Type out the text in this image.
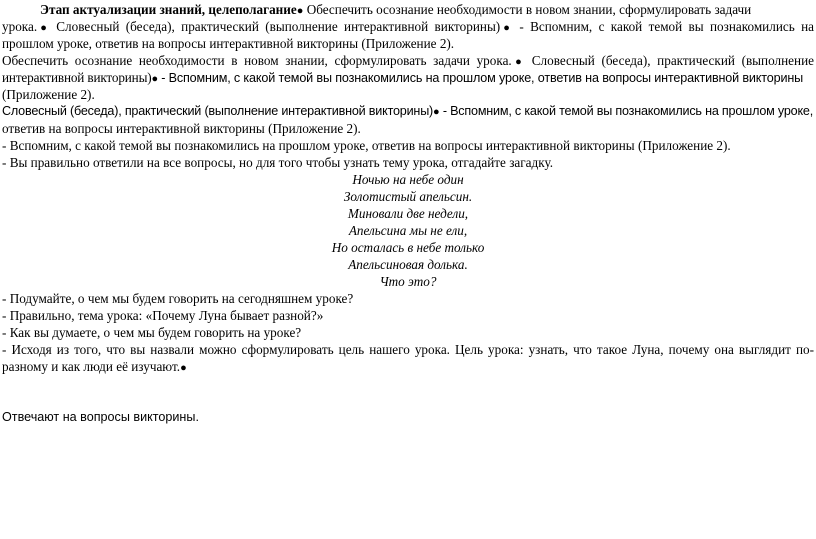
Этап актуализации знаний, целеполагание● Обеспечить осознание необходимости в новом знании, сформулировать задачи
урока.● Словесный (беседа), практический (выполнение интерактивной викторины)● - Вспомним, с какой темой вы познакомились на
прошлом уроке, ответив на вопросы интерактивной викторины (Приложение 2).
Обеспечить осознание необходимости в новом знании, сформулировать задачи урока.● Словесный (беседа), практический (выполнение
интерактивной викторины)● - Вспомним, с какой темой вы познакомились на прошлом уроке, ответив на вопросы интерактивной викторины
(Приложение 2).
Словесный (беседа), практический (выполнение интерактивной викторины)● - Вспомним, с какой темой вы познакомились на прошлом уроке,
ответив на вопросы интерактивной викторины (Приложение 2).
- Вспомним, с какой темой вы познакомились на прошлом уроке, ответив на вопросы интерактивной викторины (Приложение 2).
- Вы правильно ответили на все вопросы, но для того чтобы узнать тему урока, отгадайте загадку.
Ночью на небе один
Золотистый апельсин.
Миновали две недели,
Апельсина мы не ели,
Но осталась в небе только
Апельсиновая долька.
Что это?
- Подумайте, о чем мы будем говорить на сегодняшнем уроке?
- Правильно, тема урока: «Почему Луна бывает разной?»
- Как вы думаете, о чем мы будем говорить на уроке?
- Исходя из того, что вы назвали можно сформулировать цель нашего урока. Цель урока: узнать, что такое Луна, почему она выглядит по-
разному и как люди её изучают.●
Отвечают на вопросы викторины.
